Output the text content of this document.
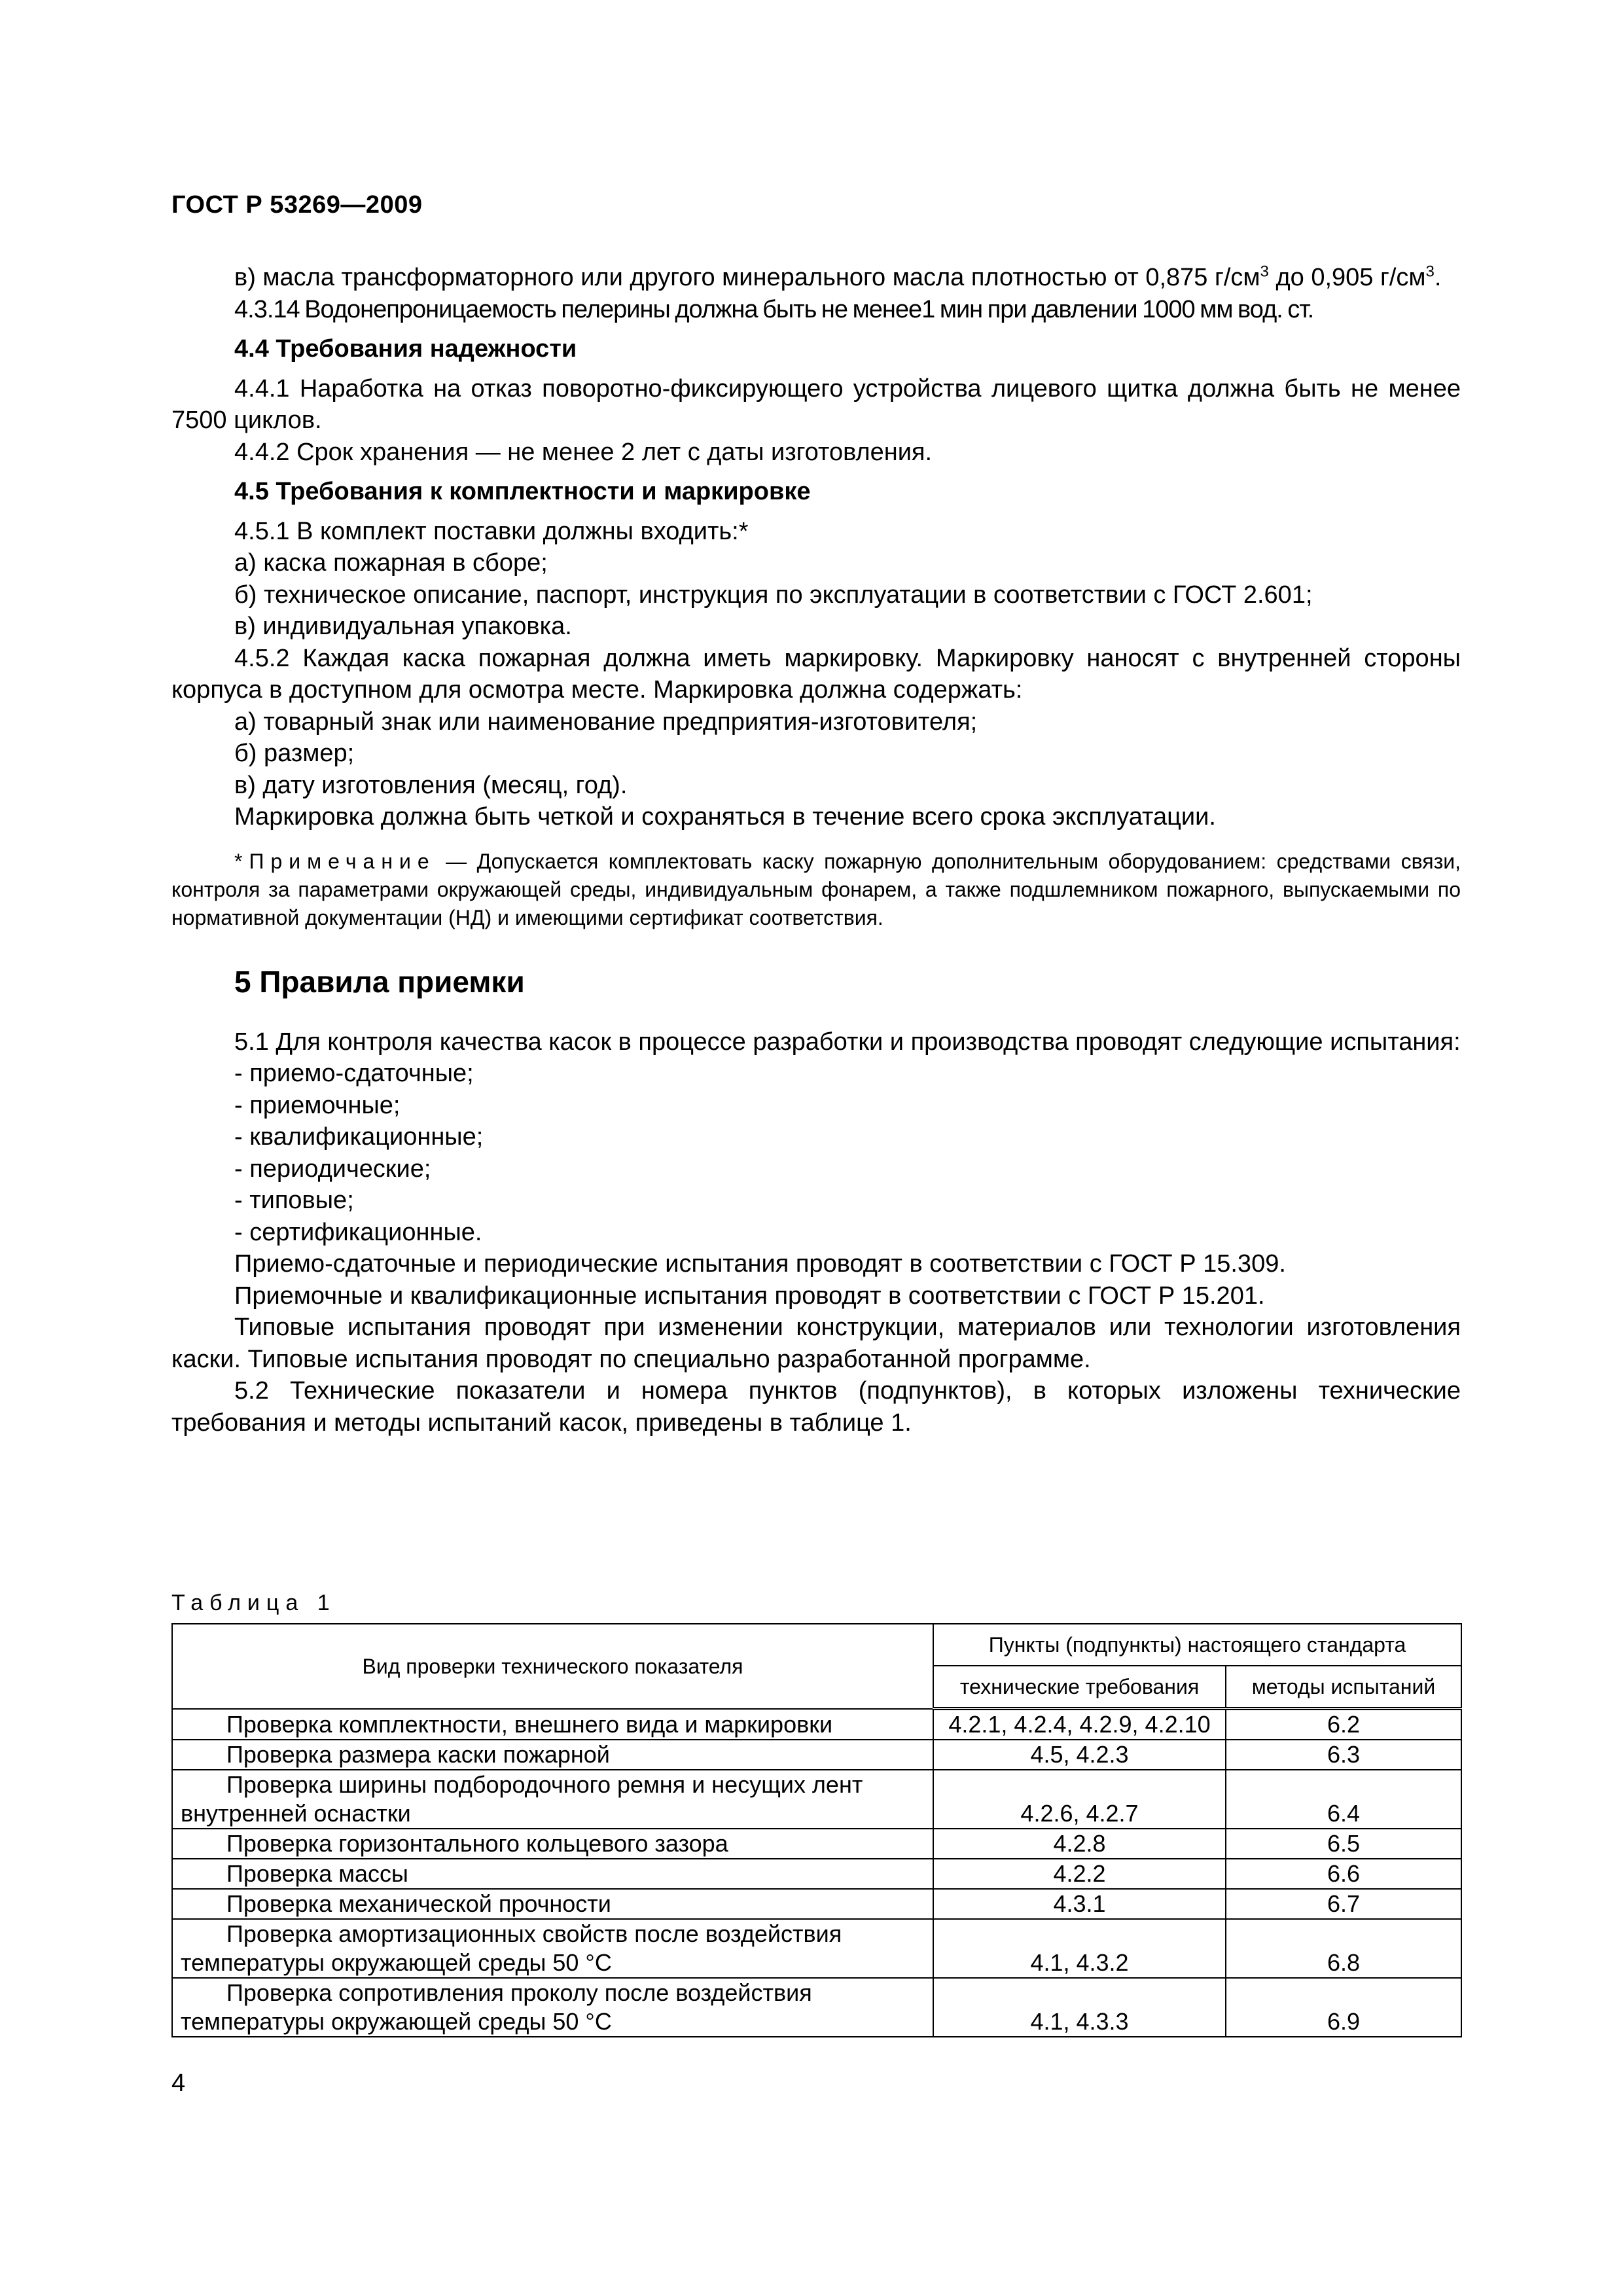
ГОСТ Р 53269—2009

в) масла трансформаторного или другого минерального масла плотностью от 0,875 $г/см^3$ до 0,905 $г/см^3$.

4.3.14 Водонепроницаемость пелерины должна быть не менее1 мин при давлении 1000 мм вод. ст.

4.4 Требования надежности

4.4.1 Наработка на отказ поворотно-фиксирующего устройства лицевого щитка должна быть не менее 7500 циклов.

4.4.2 Срок хранения — не менее 2 лет с даты изготовления.

4.5 Требования к комплектности и маркировке

4.5.1 В комплект поставки должны входить:*

а) каска пожарная в сборе;

б) техническое описание, паспорт, инструкция по эксплуатации в соответствии с ГОСТ 2.601;

в) индивидуальная упаковка.

4.5.2 Каждая каска пожарная должна иметь маркировку. Маркировку наносят с внутренней стороны корпуса в доступном для осмотра месте. Маркировка должна содержать:

а) товарный знак или наименование предприятия-изготовителя;

б) размер;

в) дату изготовления (месяц, год).

Маркировка должна быть четкой и сохраняться в течение всего срока эксплуатации.

*Примечание — Допускается комплектовать каску пожарную дополнительным оборудованием: средствами связи, контроля за параметрами окружающей среды, индивидуальным фонарем, а также подшлемником пожарного, выпускаемыми по нормативной документации (НД) и имеющими сертификат соответствия.

5 Правила приемки

5.1 Для контроля качества касок в процессе разработки и производства проводят следующие испытания:

- приемо-сдаточные;

- приемочные;

- квалификационные;

- периодические;

- типовые;

- сертификационные.

Приемо-сдаточные и периодические испытания проводят в соответствии с ГОСТ Р 15.309.

Приемочные и квалификационные испытания проводят в соответствии с ГОСТ Р 15.201.

Типовые испытания проводят при изменении конструкции, материалов или технологии изготовления каски. Типовые испытания проводят по специально разработанной программе.

5.2 Технические показатели и номера пунктов (подпунктов), в которых изложены технические требования и методы испытаний касок, приведены в таблице 1.

Таблица 1
Вид проверки технического показателя	Пункты (подпункты) настоящего стандарта	
	технические требования	методы испытаний
Проверка комплектности, внешнего вида и маркировки	4.2.1, 4.2.4, 4.2.9, 4.2.10	6.2
Проверка размера каски пожарной	4.5, 4.2.3	6.3
Проверка ширины подбородочного ремня и несущих лент внутренней оснастки	4.2.6, 4.2.7	6.4
Проверка горизонтального кольцевого зазора	4.2.8	6.5
Проверка массы	4.2.2	6.6
Проверка механической прочности	4.3.1	6.7
Проверка амортизационных свойств после воздействия температуры окружающей среды 50 °С	4.1, 4.3.2	6.8
Проверка сопротивления проколу после воздействия температуры окружающей среды 50 °С	4.1, 4.3.3	6.9
4
